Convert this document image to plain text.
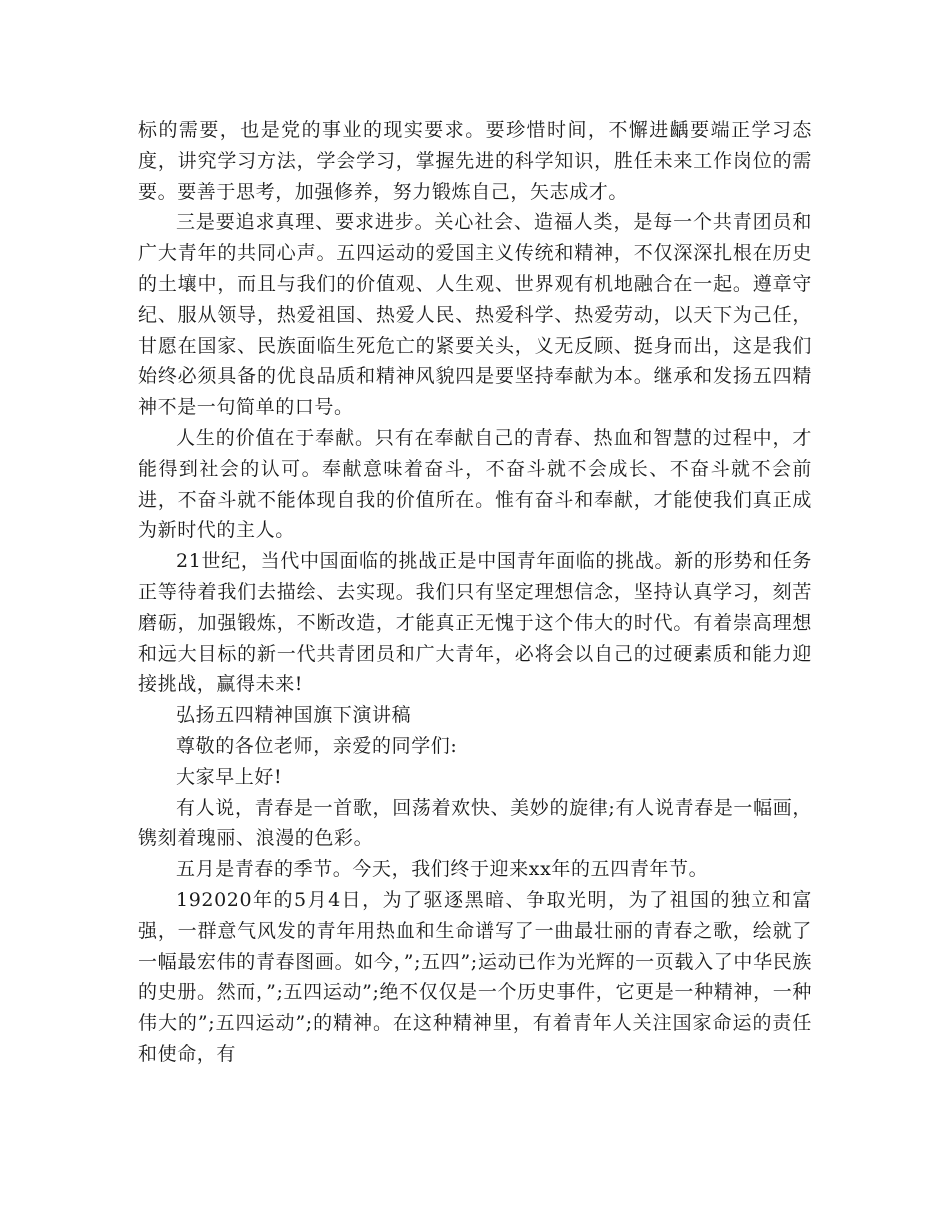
标的需要，也是党的事业的现实要求。要珍惜时间，不懈进齲要端正学习态度，讲究学习方法，学会学习，掌握先进的科学知识，胜任未来工作岗位的需要。要善于思考，加强修养，努力锻炼自己，矢志成才。

三是要追求真理、要求进步。关心社会、造福人类，是每一个共青团员和广大青年的共同心声。五四运动的爱国主义传统和精神，不仅深深扎根在历史的土壤中，而且与我们的价值观、人生观、世界观有机地融合在一起。遵章守纪、服从领导，热爱祖国、热爱人民、热爱科学、热爱劳动，以天下为己任，甘愿在国家、民族面临生死危亡的紧要关头，义无反顾、挺身而出，这是我们始终必须具备的优良品质和精神风貌四是要坚持奉献为本。继承和发扬五四精神不是一句简单的口号。

人生的价值在于奉献。只有在奉献自己的青春、热血和智慧的过程中，才能得到社会的认可。奉献意味着奋斗，不奋斗就不会成长、不奋斗就不会前进，不奋斗就不能体现自我的价值所在。惟有奋斗和奉献，才能使我们真正成为新时代的主人。

21世纪，当代中国面临的挑战正是中国青年面临的挑战。新的形势和任务正等待着我们去描绘、去实现。我们只有坚定理想信念，坚持认真学习，刻苦磨砺，加强锻炼，不断改造，才能真正无愧于这个伟大的时代。有着崇高理想和远大目标的新一代共青团员和广大青年，必将会以自己的过硬素质和能力迎接挑战，赢得未来!

弘扬五四精神国旗下演讲稿

尊敬的各位老师，亲爱的同学们:

大家早上好!

有人说，青春是一首歌，回荡着欢快、美妙的旋律;有人说青春是一幅画，镌刻着瑰丽、浪漫的色彩。

五月是青春的季节。今天，我们终于迎来xx年的五四青年节。

192020年的5月4日，为了驱逐黑暗、争取光明，为了祖国的独立和富强，一群意气风发的青年用热血和生命谱写了一曲最壮丽的青春之歌，绘就了一幅最宏伟的青春图画。如今，”;五四”;运动已作为光辉的一页载入了中华民族的史册。然而，”;五四运动”;绝不仅仅是一个历史事件，它更是一种精神，一种伟大的”;五四运动”;的精神。在这种精神里，有着青年人关注国家命运的责任和使命，有
